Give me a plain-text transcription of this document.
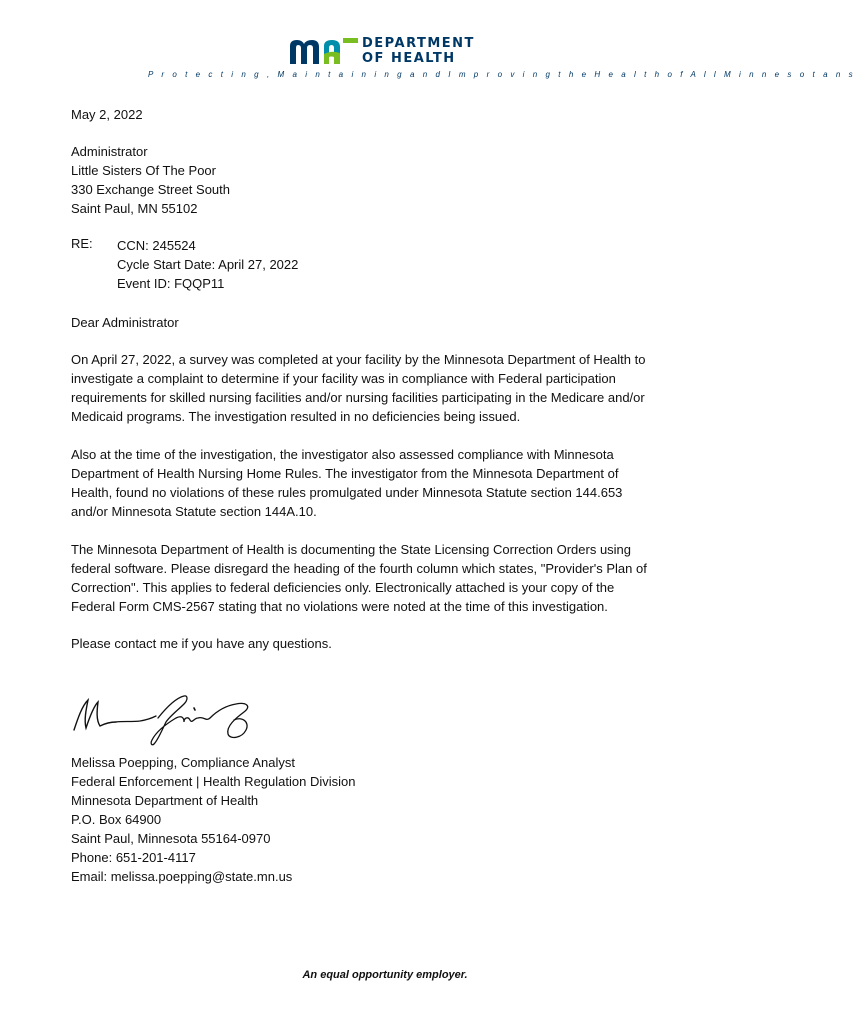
DEPARTMENT
OF HEALTH
P r o t e c t i n g , M a i n t a i n i n g a n d I m p r o v i n g t h e H e a l t h o f A l l M i n n e s o t a n s
May 2, 2022
Administrator
Little Sisters Of The Poor
330 Exchange Street South
Saint Paul, MN 55102
RE: CCN: 245524
Cycle Start Date: April 27, 2022
Event ID: FQQP11
Dear Administrator
On April 27, 2022, a survey was completed at your facility by the Minnesota Department of Health to
investigate a complaint to determine if your facility was in compliance with Federal participation
requirements for skilled nursing facilities and/or nursing facilities participating in the Medicare and/or
Medicaid programs. The investigation resulted in no deficiencies being issued.
Also at the time of the investigation, the investigator also assessed compliance with Minnesota
Department of Health Nursing Home Rules. The investigator from the Minnesota Department of
Health, found no violations of these rules promulgated under Minnesota Statute section 144.653
and/or Minnesota Statute section 144A.10.
The Minnesota Department of Health is documenting the State Licensing Correction Orders using
federal software. Please disregard the heading of the fourth column which states, "Provider's Plan of
Correction". This applies to federal deficiencies only. Electronically attached is your copy of the
Federal Form CMS-2567 stating that no violations were noted at the time of this investigation.
Please contact me if you have any questions.
Melissa Poepping, Compliance Analyst
Federal Enforcement | Health Regulation Division
Minnesota Department of Health
P.O. Box 64900
Saint Paul, Minnesota 55164-0970
Phone: 651-201-4117
Email: melissa.poepping@state.mn.us
An equal opportunity employer.
